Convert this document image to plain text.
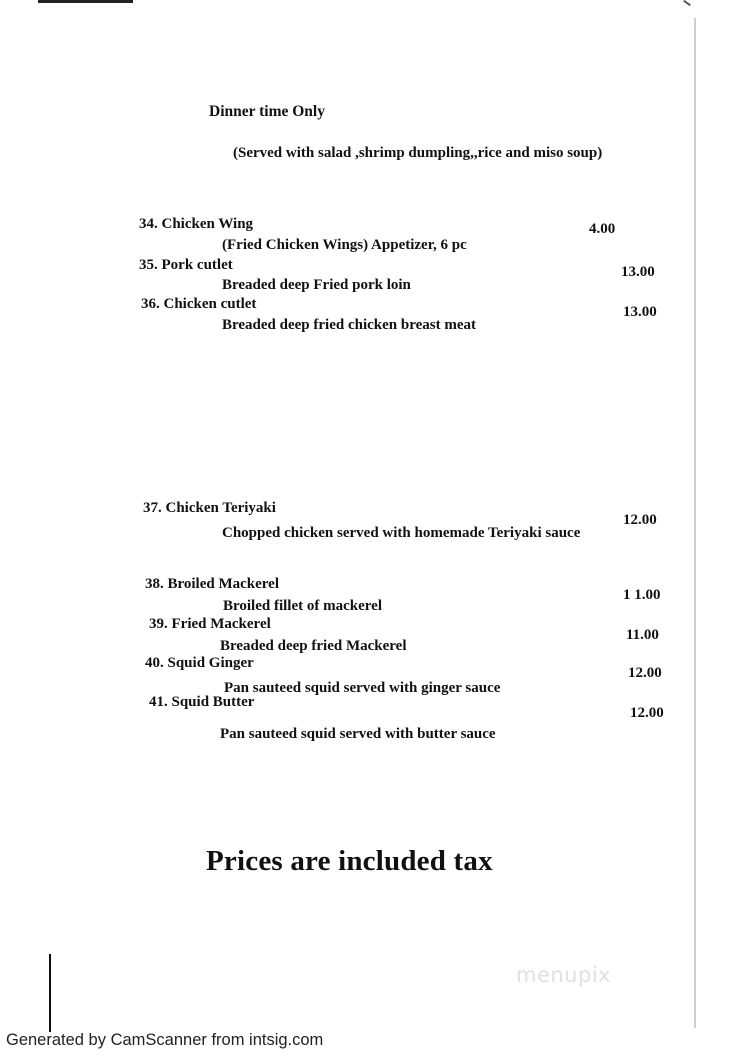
Dinner time Only
(Served with salad ,shrimp dumpling,,rice and miso soup)
34. Chicken Wing
(Fried Chicken Wings) Appetizer, 6 pc
4.00
35. Pork cutlet
Breaded deep Fried pork loin
13.00
36. Chicken cutlet
Breaded deep fried chicken breast meat
13.00
37. Chicken Teriyaki
Chopped chicken served with homemade Teriyaki sauce
12.00
38. Broiled Mackerel
Broiled fillet of mackerel
1 1.00
39. Fried Mackerel
Breaded deep fried Mackerel
11.00
40. Squid Ginger
Pan sauteed squid served with ginger sauce
12.00
41. Squid Butter
Pan sauteed squid served with butter sauce
12.00
Prices are included tax
menupix
Generated by CamScanner from intsig.com
